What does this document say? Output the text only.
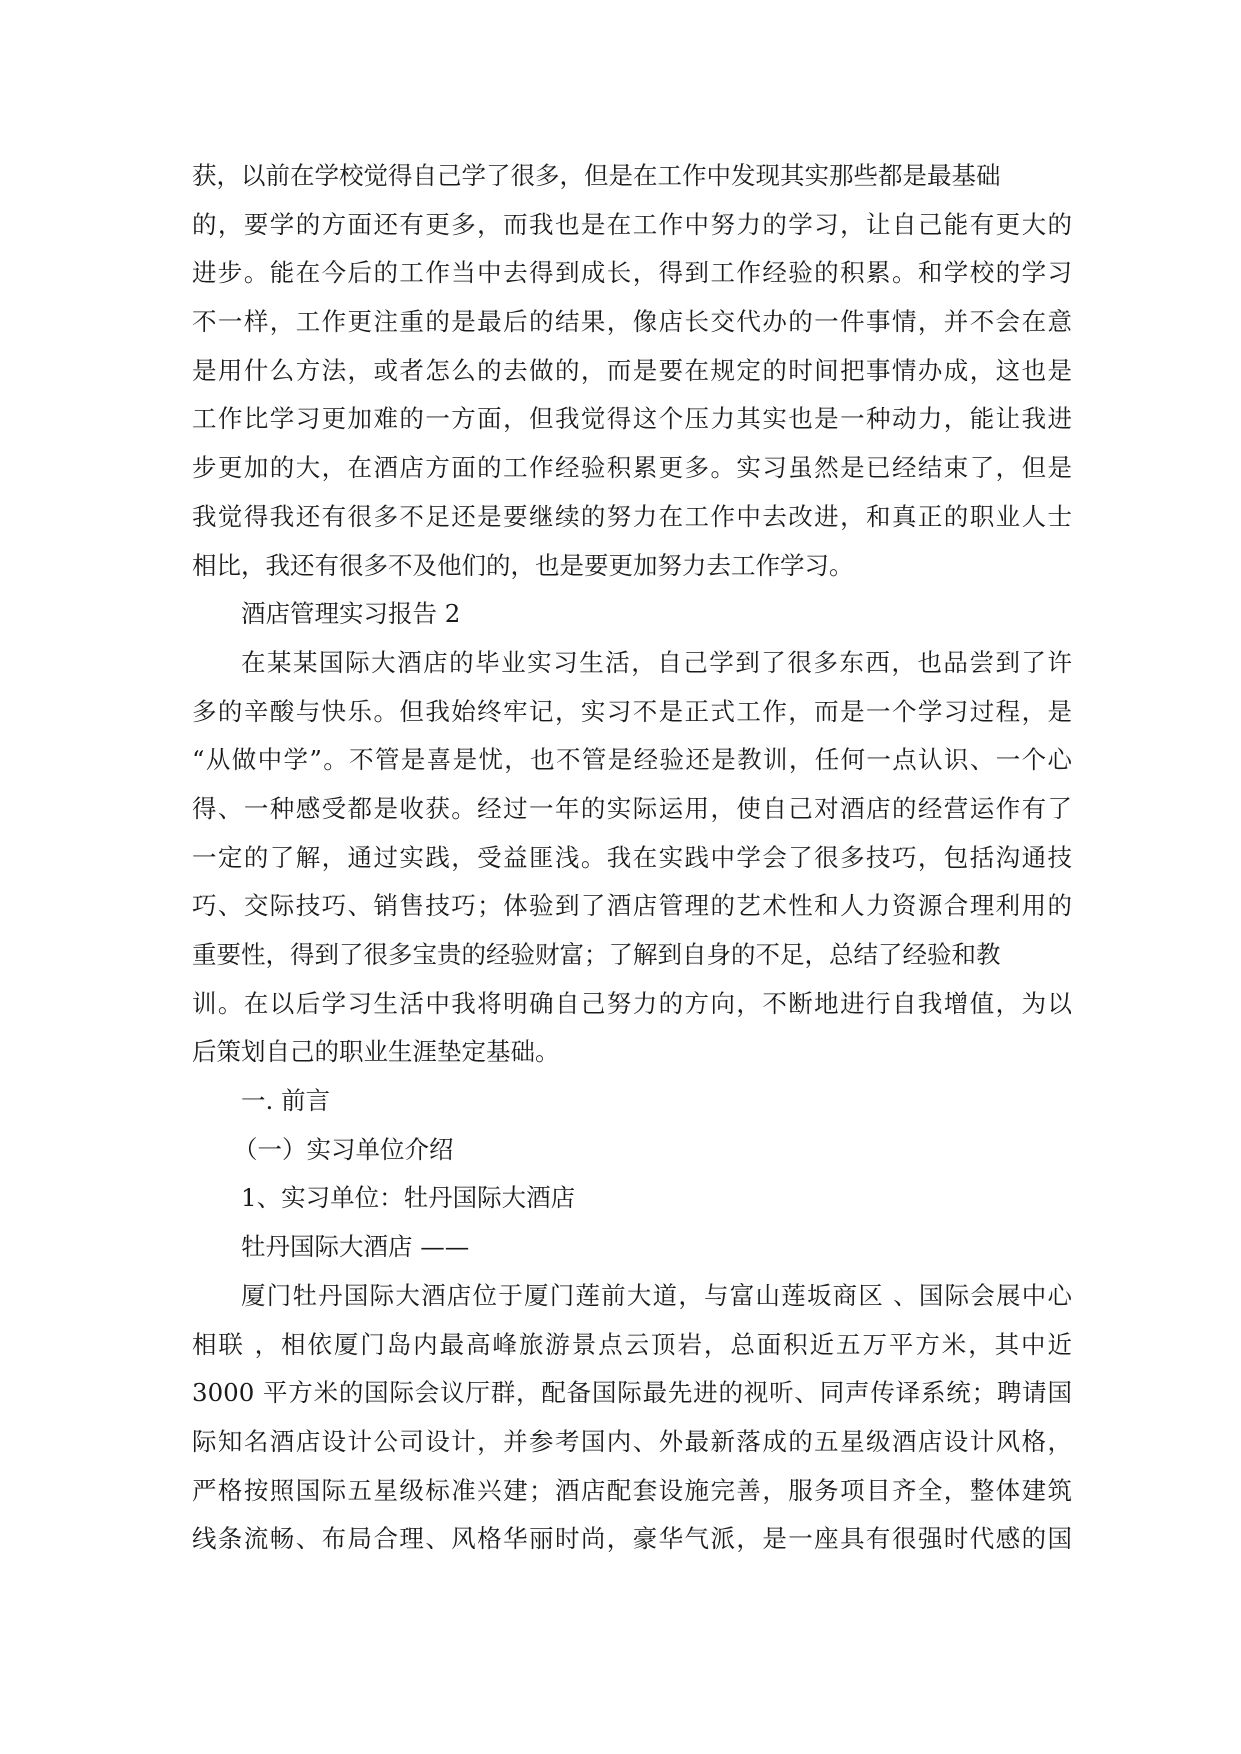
获，以前在学校觉得自己学了很多，但是在工作中发现其实那些都是最基础
的，要学的方面还有更多，而我也是在工作中努力的学习，让自己能有更大的
进步。能在今后的工作当中去得到成长，得到工作经验的积累。和学校的学习
不一样，工作更注重的是最后的结果，像店长交代办的一件事情，并不会在意
是用什么方法，或者怎么的去做的，而是要在规定的时间把事情办成，这也是
工作比学习更加难的一方面，但我觉得这个压力其实也是一种动力，能让我进
步更加的大，在酒店方面的工作经验积累更多。实习虽然是已经结束了，但是
我觉得我还有很多不足还是要继续的努力在工作中去改进，和真正的职业人士
相比，我还有很多不及他们的，也是要更加努力去工作学习。
酒店管理实习报告 2
在某某国际大酒店的毕业实习生活，自己学到了很多东西，也品尝到了许
多的辛酸与快乐。但我始终牢记，实习不是正式工作，而是一个学习过程，是
“从做中学”。不管是喜是忧，也不管是经验还是教训，任何一点认识、一个心
得、一种感受都是收获。经过一年的实际运用，使自己对酒店的经营运作有了
一定的了解，通过实践，受益匪浅。我在实践中学会了很多技巧，包括沟通技
巧、交际技巧、销售技巧；体验到了酒店管理的艺术性和人力资源合理利用的
重要性，得到了很多宝贵的经验财富；了解到自身的不足，总结了经验和教
训。在以后学习生活中我将明确自己努力的方向，不断地进行自我增值，为以
后策划自己的职业生涯垫定基础。
一. 前言
（一）实习单位介绍
1、实习单位：牡丹国际大酒店
牡丹国际大酒店 ——
厦门牡丹国际大酒店位于厦门莲前大道，与富山莲坂商区 、国际会展中心
相联 ，相依厦门岛内最高峰旅游景点云顶岩，总面积近五万平方米，其中近
3000 平方米的国际会议厅群，配备国际最先进的视听、同声传译系统；聘请国
际知名酒店设计公司设计，并参考国内、外最新落成的五星级酒店设计风格，
严格按照国际五星级标准兴建；酒店配套设施完善，服务项目齐全，整体建筑
线条流畅、布局合理、风格华丽时尚，豪华气派，是一座具有很强时代感的国
